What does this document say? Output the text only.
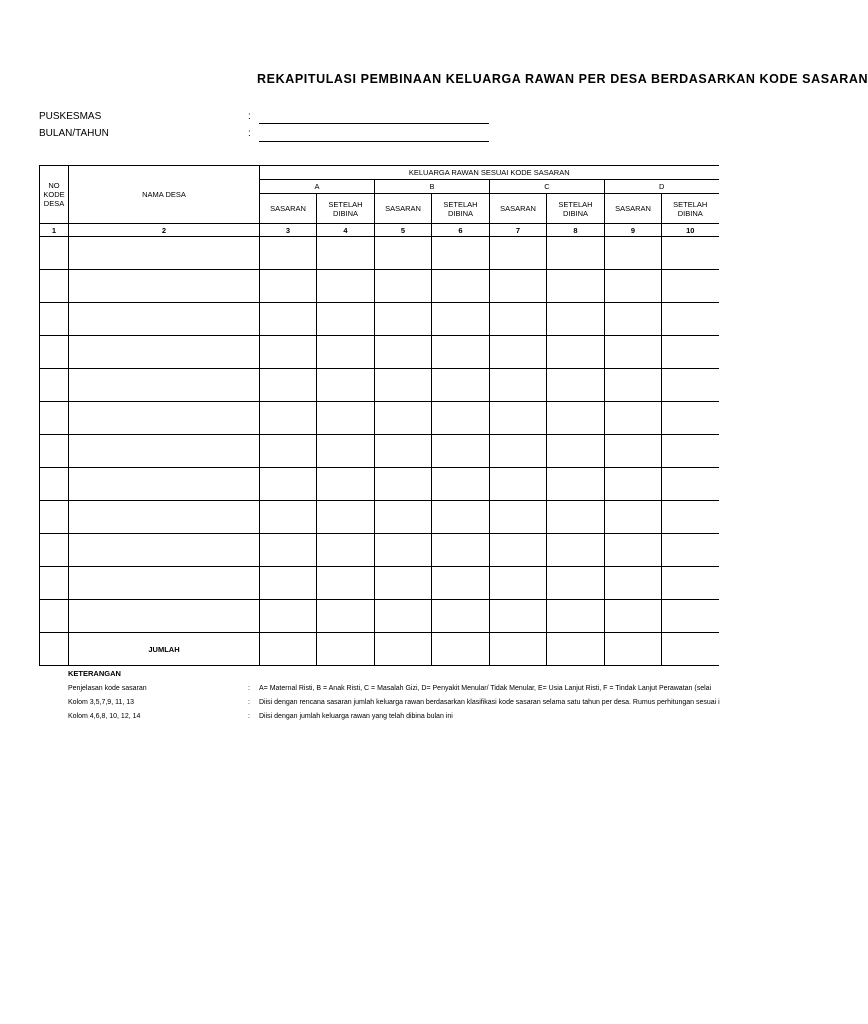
REKAPITULASI PEMBINAAN KELUARGA RAWAN PER DESA BERDASARKAN KODE SASARAN
PUSKESMAS	:
BULAN/TAHUN	:
NO KODE DESA	NAMA DESA	KELUARGA RAWAN SESUAI KODE SASARAN							
		A		B		C		D	
		SASARAN	SETELAH DIBINA	SASARAN	SETELAH DIBINA	SASARAN	SETELAH DIBINA	SASARAN	SETELAH DIBINA
1	2	3	4	5	6	7	8	9	10

	JUMLAH								
KETERANGAN
Penjelasan kode sasaran	: A= Maternal Risti, B = Anak Risti, C = Masalah Gizi, D= Penyakit Menular/ Tidak Menular, E= Usia Lanjut Risti, F = Tindak Lanjut Perawatan (selai
Kolom 3,5,7,9, 11, 13	: Diisi dengan rencana sasaran jumlah keluarga rawan berdasarkan klasifikasi kode sasaran selama satu tahun per desa. Rumus perhitungan sesuai i
Kolom 4,6,8, 10, 12, 14	: Diisi dengan jumlah keluarga rawan yang telah dibina bulan ini
